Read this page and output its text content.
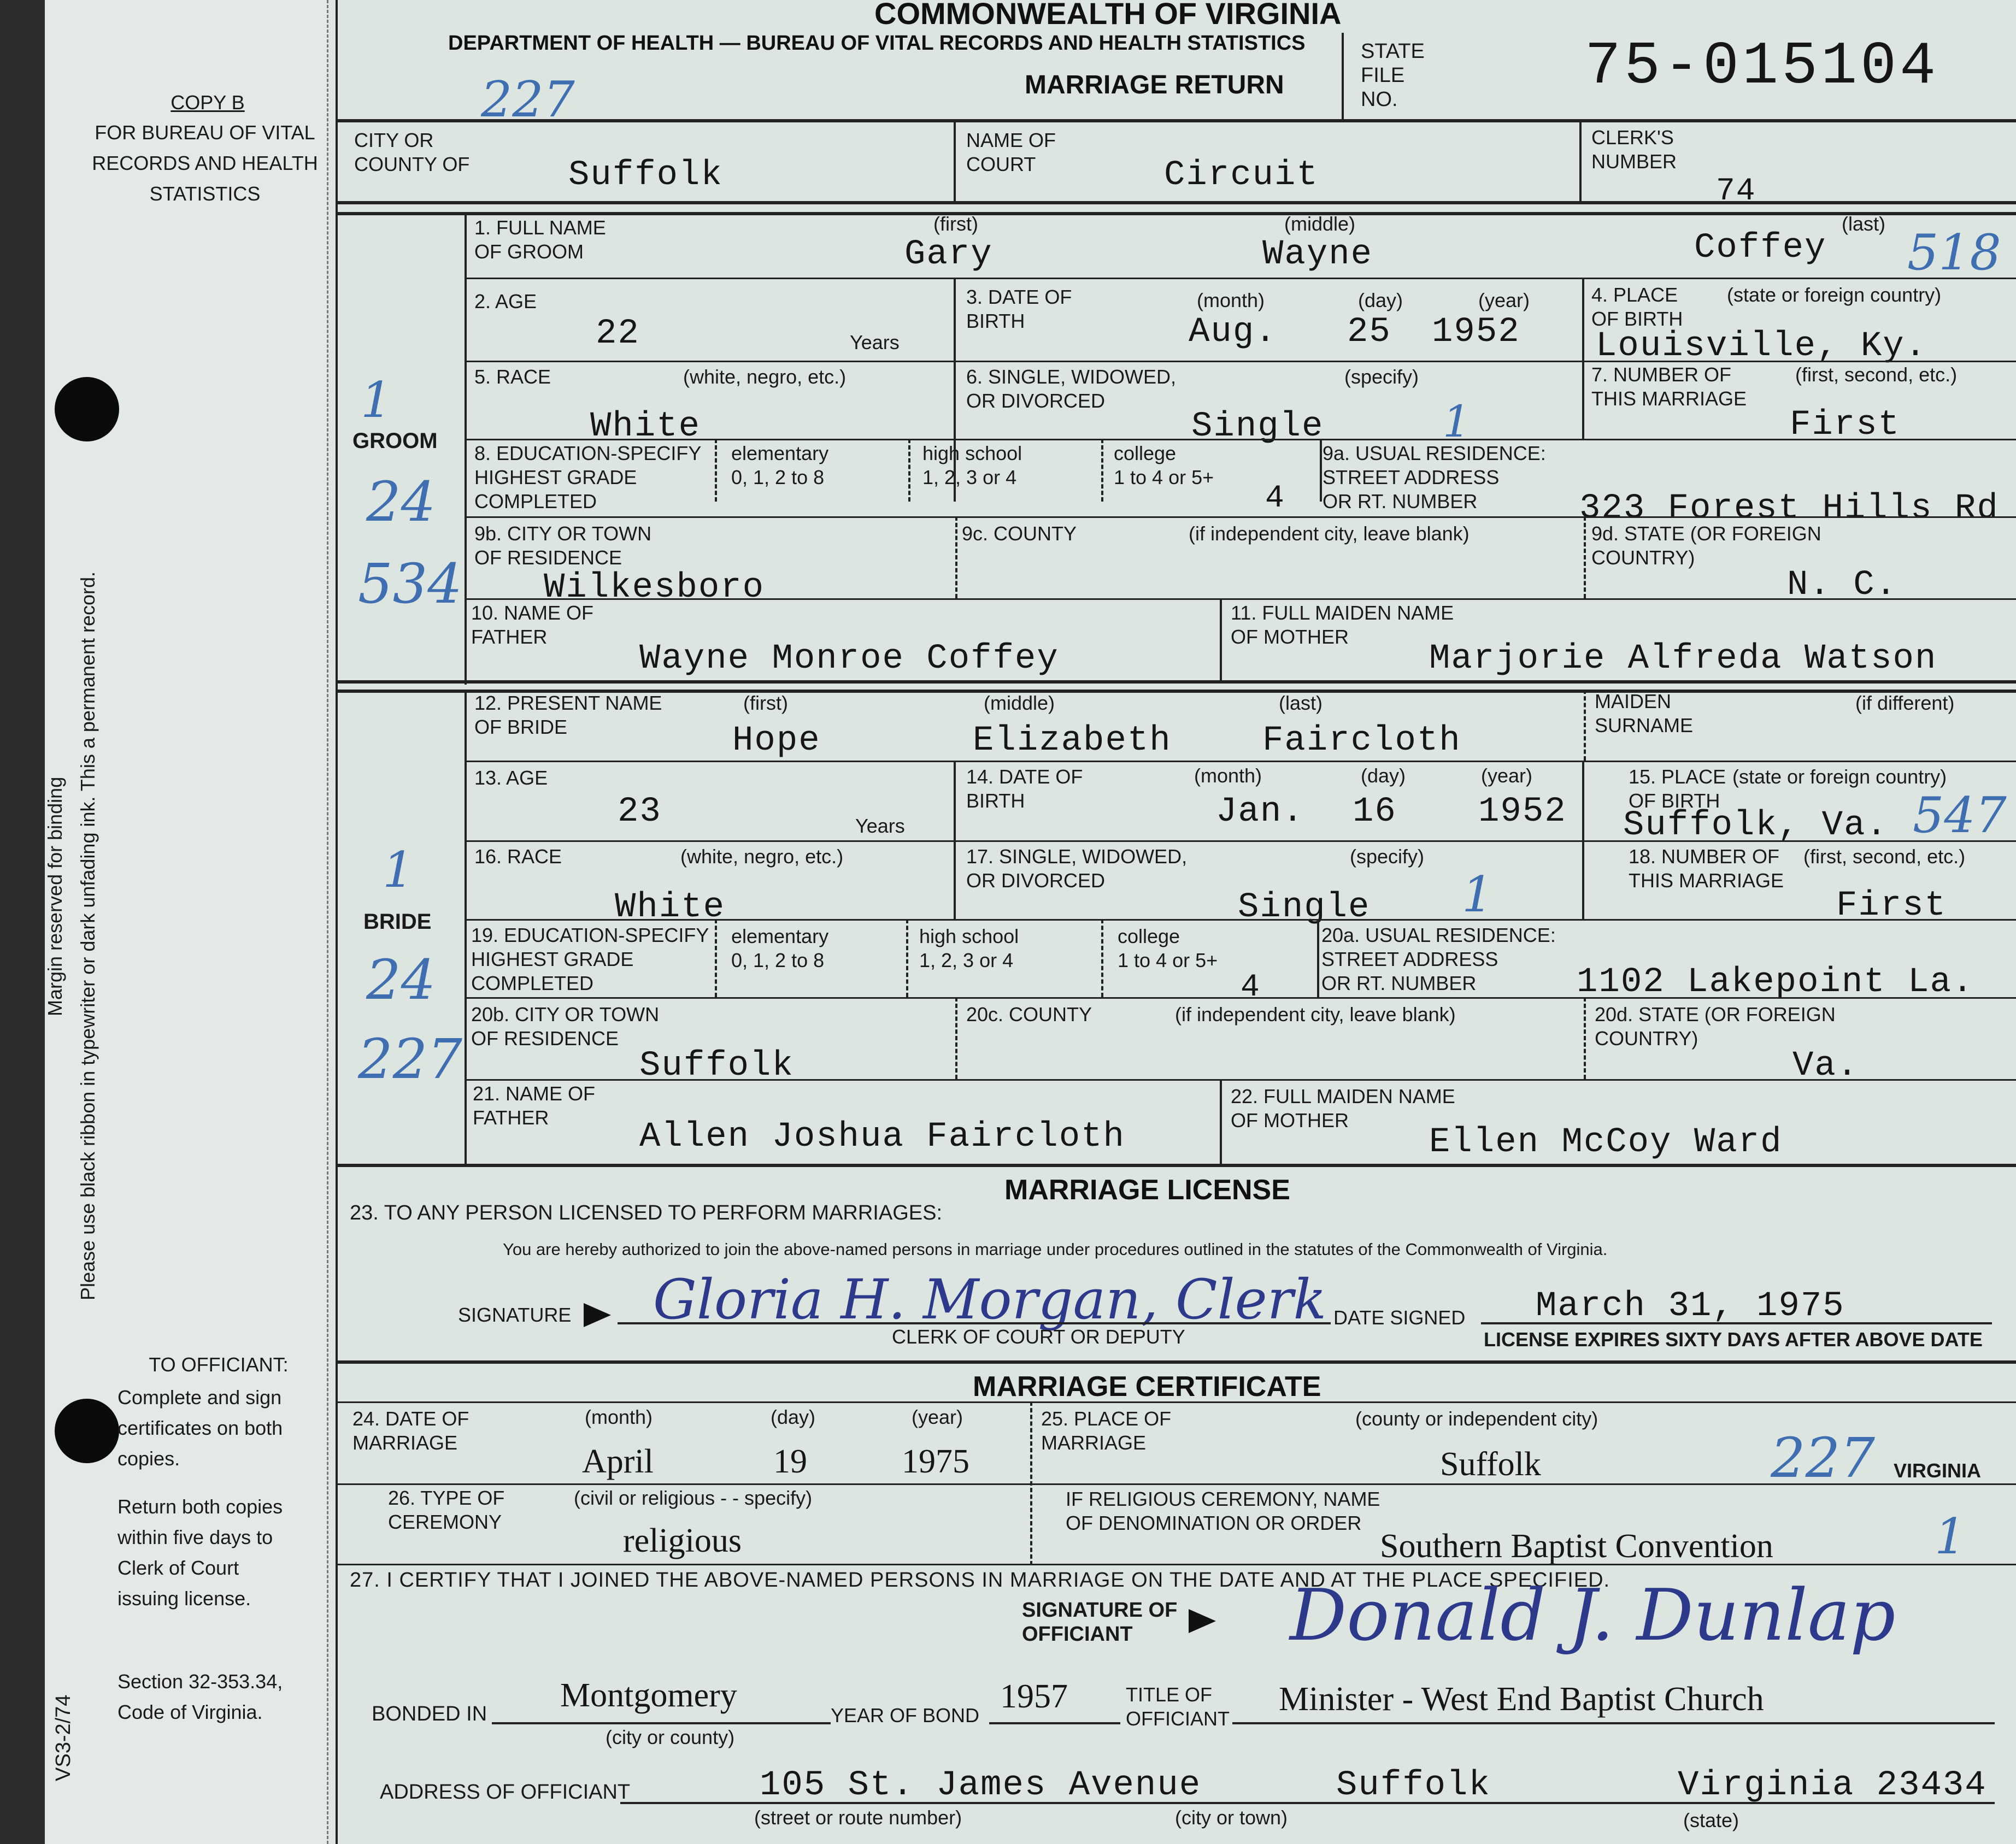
COPY B
FOR BUREAU OF VITAL
RECORDS AND HEALTH
STATISTICS
Margin reserved for binding Please use black ribbon in typewriter or dark unfading ink. This a permanent record.
TO OFFICIANT:
Complete and sign
certificates on both
copies.
Return both copies
within five days to
Clerk of Court
issuing license.
Section 32-353.34,
Code of Virginia.
VS3-2/74
COMMONWEALTH OF VIRGINIA
DEPARTMENT OF HEALTH — BUREAU OF VITAL RECORDS AND HEALTH STATISTICS
MARRIAGE RETURN
STATE
FILE
NO.	75-015104
227
CITY OR
COUNTY OF	Suffolk
NAME OF
COURT	Circuit
CLERK'S
NUMBER
74
GROOM
1
24
534
1. FULL NAME
OF GROOM
(first)	(middle)	(last)
Gary	Wayne	Coffey 518
2. AGE
22	Years
3. DATE OF
BIRTH
(month)	(day)	(year)
Aug. 25 1952
4. PLACE
OF BIRTH
(state or foreign country)
Louisville, Ky.
5. RACE	(white, negro, etc.)
White
6. SINGLE, WIDOWED,
OR DIVORCED
(specify)
Single	1
7. NUMBER OF
THIS MARRIAGE
(first, second, etc.)
First
8. EDUCATION-SPECIFY
HIGHEST GRADE
COMPLETED
elementary
0, 1, 2 to 8
high school
1, 2, 3 or 4
college
1 to 4 or 5+
4
9a. USUAL RESIDENCE:
STREET ADDRESS
OR RT. NUMBER	323 Forest Hills Rd
9b. CITY OR TOWN
OF RESIDENCE
Wilkesboro
9c. COUNTY	(if independent city, leave blank)	9d. STATE (OR FOREIGN
COUNTRY)
N. C.
10. NAME OF
FATHER
Wayne Monroe Coffey
11. FULL MAIDEN NAME
OF MOTHER
Marjorie Alfreda Watson
BRIDE
1
24
227
12. PRESENT NAME
OF BRIDE
(first)	(middle)	(last)
Hope	Elizabeth	Faircloth
MAIDEN
SURNAME
(if different)
13. AGE
23	Years
14. DATE OF
BIRTH
(month)	(day)	(year)
Jan. 16 1952
15. PLACE
OF BIRTH
(state or foreign country)
Suffolk, Va. 547
16. RACE	(white, negro, etc.)
White
17. SINGLE, WIDOWED,
OR DIVORCED
(specify)
Single 1
18. NUMBER OF
THIS MARRIAGE
(first, second, etc.)
First
19. EDUCATION-SPECIFY
HIGHEST GRADE
COMPLETED
elementary
0, 1, 2 to 8
high school
1, 2, 3 or 4
college
1 to 4 or 5+
4
20a. USUAL RESIDENCE:
STREET ADDRESS
OR RT. NUMBER	1102 Lakepoint La.
20b. CITY OR TOWN
OF RESIDENCE
Suffolk
20c. COUNTY	(if independent city, leave blank)	20d. STATE (OR FOREIGN
COUNTRY)
Va.
21. NAME OF
FATHER	Allen Joshua Faircloth
22. FULL MAIDEN NAME
OF MOTHER
Ellen McCoy Ward
MARRIAGE LICENSE
23. TO ANY PERSON LICENSED TO PERFORM MARRIAGES:
You are hereby authorized to join the above-named persons in marriage under procedures outlined in the statutes of the Commonwealth of Virginia.
SIGNATURE Gloria H. Morgan, Clerk
CLERK OF COURT OR DEPUTY
DATE SIGNED March 31, 1975
LICENSE EXPIRES SIXTY DAYS AFTER ABOVE DATE
MARRIAGE CERTIFICATE
24. DATE OF
MARRIAGE
(month)	(day)	(year)
April	19	1975
25. PLACE OF
MARRIAGE
(county or independent city)
Suffolk	227 VIRGINIA
26. TYPE OF
CEREMONY
(civil or religious - - specify)
religious
IF RELIGIOUS CEREMONY, NAME
OF DENOMINATION OR ORDER
Southern Baptist Convention	1
27. I CERTIFY THAT I JOINED THE ABOVE-NAMED PERSONS IN MARRIAGE ON THE DATE AND AT THE PLACE SPECIFIED.
SIGNATURE OF
OFFICIANT	Donald J. Dunlap
BONDED IN Montgomery
(city or county)
YEAR OF BOND
1957	TITLE OF
OFFICIANT
Minister - West End Baptist Church
ADDRESS OF OFFICIANT	105 St. James Avenue	Suffolk	Virginia 23434
(street or route number)	(city or town)	(state)
